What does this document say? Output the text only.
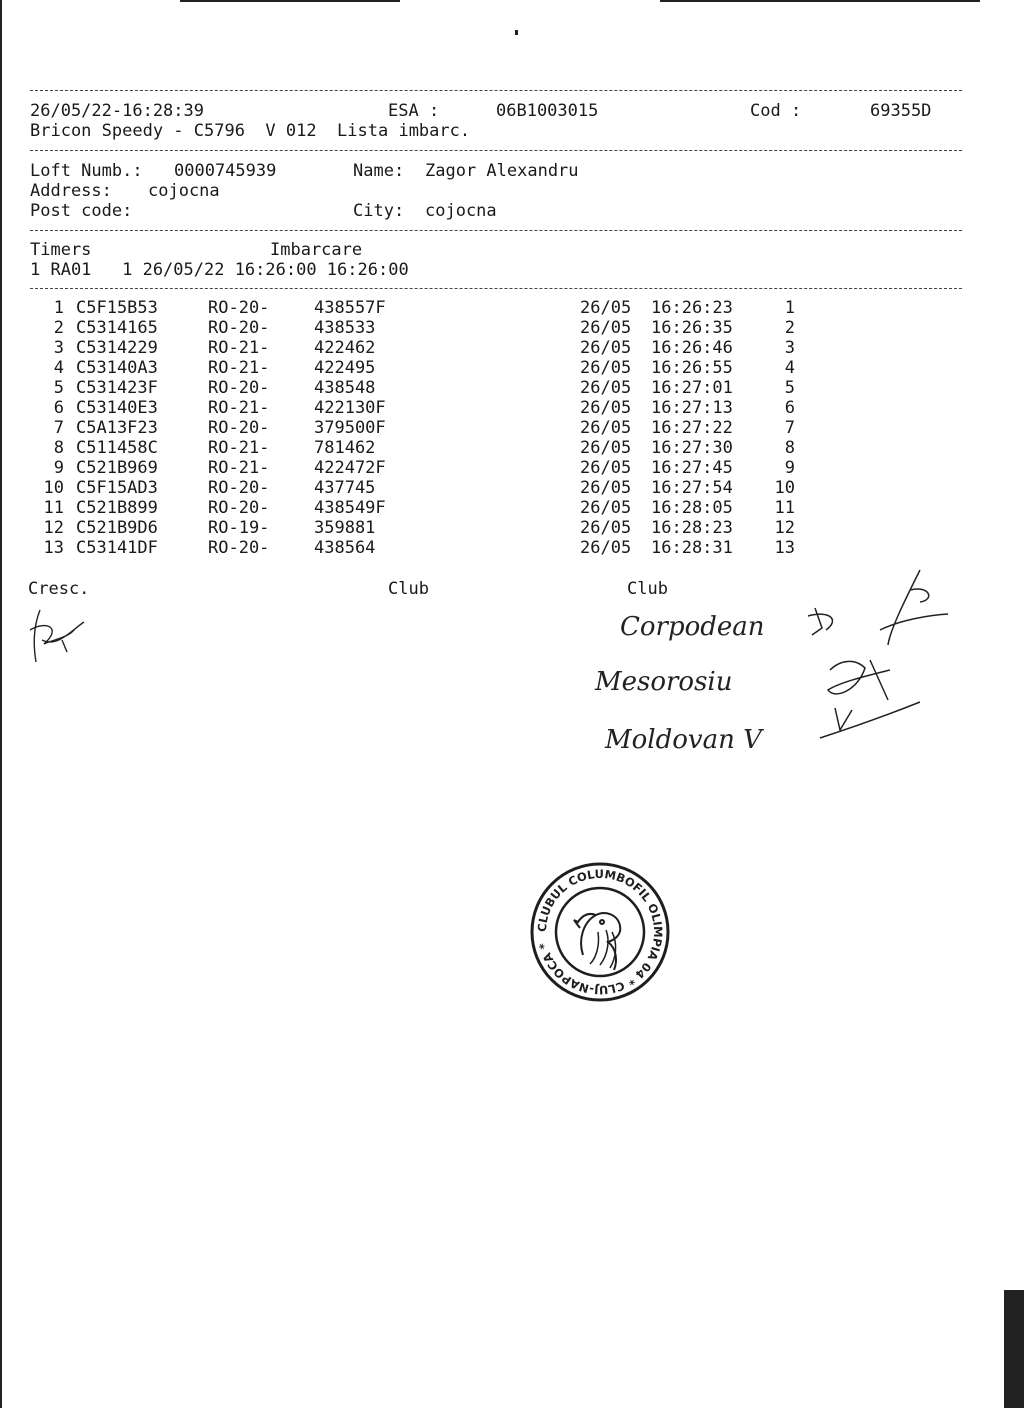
26/05/22-16:28:39	ESA :	06B1003015	Cod :	69355D
Bricon Speedy - C5796  V 012  Lista imbarc.
Loft Numb.: 0000745939	Name: Zagor Alexandru
Address: cojocna
Post code:	City: cojocna
Timers	Imbarcare
1 RA01   1 26/05/22 16:26:00 16:26:00
1 C5F15B53	RO-20-	438557F	26/05 16:26:23	1
2 C5314165	RO-20-	438533	26/05 16:26:35	2
3 C5314229	RO-21-	422462	26/05 16:26:46	3
4 C53140A3	RO-21-	422495	26/05 16:26:55	4
5 C531423F	RO-20-	438548	26/05 16:27:01	5
6 C53140E3	RO-21-	422130F	26/05 16:27:13	6
7 C5A13F23	RO-20-	379500F	26/05 16:27:22	7
8 C511458C	RO-21-	781462	26/05 16:27:30	8
9 C521B969	RO-21-	422472F	26/05 16:27:45	9
10 C5F15AD3	RO-20-	437745	26/05 16:27:54	10
11 C521B899	RO-20-	438549F	26/05 16:28:05	11
12 C521B9D6	RO-19-	359881	26/05 16:28:23	12
13 C53141DF	RO-20-	438564	26/05 16:28:31	13
Cresc.	Club	Club
Corpodean
Mesorosiu
Moldovan V
CLUBUL COLUMBOFIL OLIMPIA 04 * CLUJ-NAPOCA *
